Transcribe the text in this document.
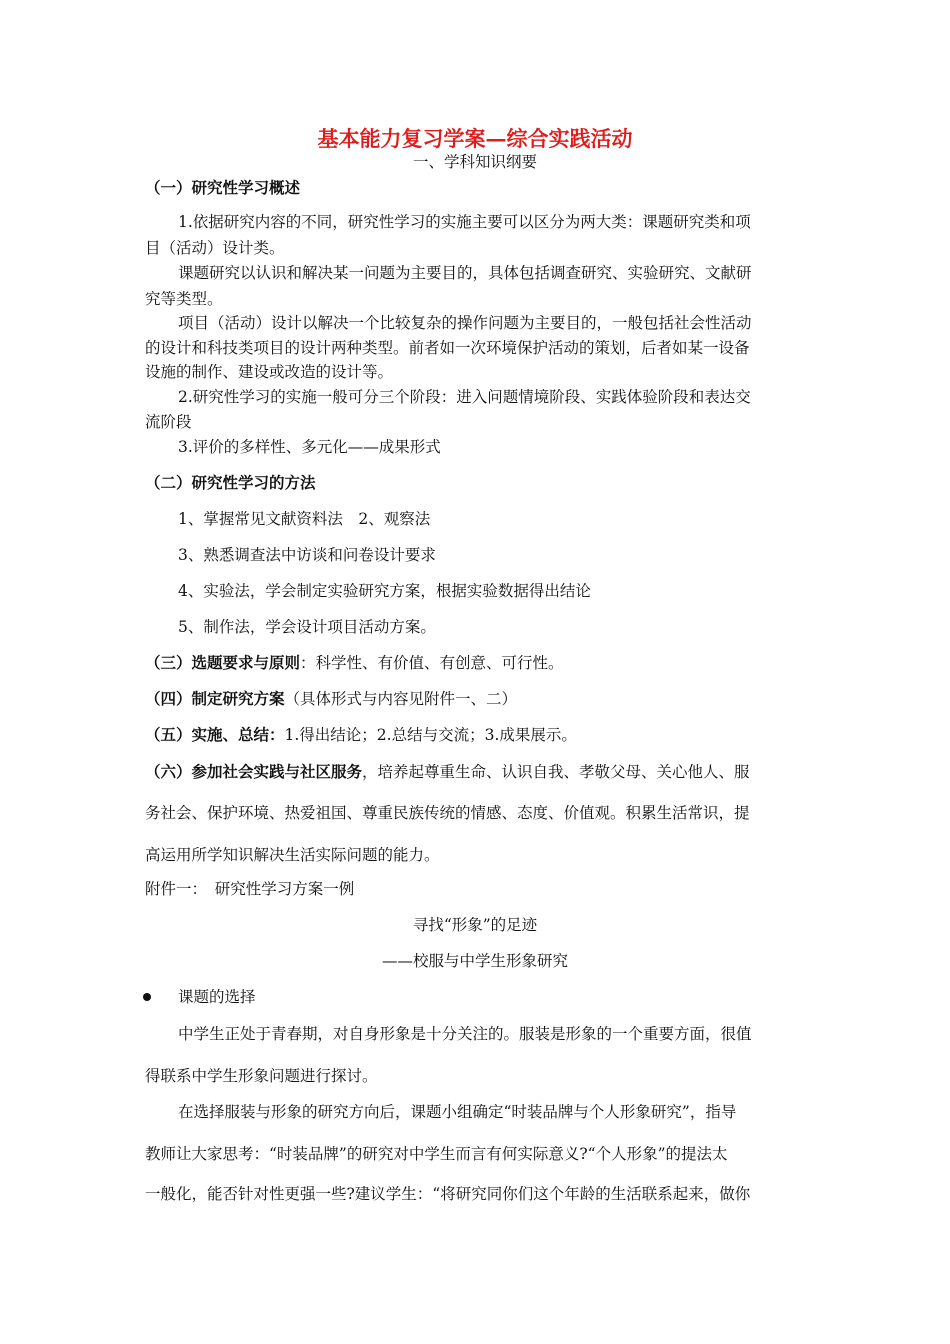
基本能力复习学案—综合实践活动
一、学科知识纲要
（一）研究性学习概述
1.依据研究内容的不同，研究性学习的实施主要可以区分为两大类：课题研究类和项
目（活动）设计类。
课题研究以认识和解决某一问题为主要目的，具体包括调查研究、实验研究、文献研
究等类型。
项目（活动）设计以解决一个比较复杂的操作问题为主要目的，一般包括社会性活动
的设计和科技类项目的设计两种类型。前者如一次环境保护活动的策划，后者如某一设备
设施的制作、建设或改造的设计等。
2.研究性学习的实施一般可分三个阶段：进入问题情境阶段、实践体验阶段和表达交
流阶段
3.评价的多样性、多元化——成果形式
（二）研究性学习的方法
1、掌握常见文献资料法　2、观察法
3、熟悉调查法中访谈和问卷设计要求
4、实验法，学会制定实验研究方案，根据实验数据得出结论
5、制作法，学会设计项目活动方案。
（三）选题要求与原则：科学性、有价值、有创意、可行性。
（四）制定研究方案（具体形式与内容见附件一、二）
（五）实施、总结：1.得出结论；2.总结与交流；3.成果展示。
（六）参加社会实践与社区服务，培养起尊重生命、认识自我、孝敬父母、关心他人、服
务社会、保护环境、热爱祖国、尊重民族传统的情感、态度、价值观。积累生活常识，提
高运用所学知识解决生活实际问题的能力。
附件一：　研究性学习方案一例
寻找“形象”的足迹
——校服与中学生形象研究
课题的选择
中学生正处于青春期，对自身形象是十分关注的。服装是形象的一个重要方面，很值
得联系中学生形象问题进行探讨。
在选择服装与形象的研究方向后，课题小组确定“时装品牌与个人形象研究”，指导
教师让大家思考：“时装品牌”的研究对中学生而言有何实际意义?“个人形象”的提法太
一般化，能否针对性更强一些?建议学生：“将研究同你们这个年龄的生活联系起来，做你
